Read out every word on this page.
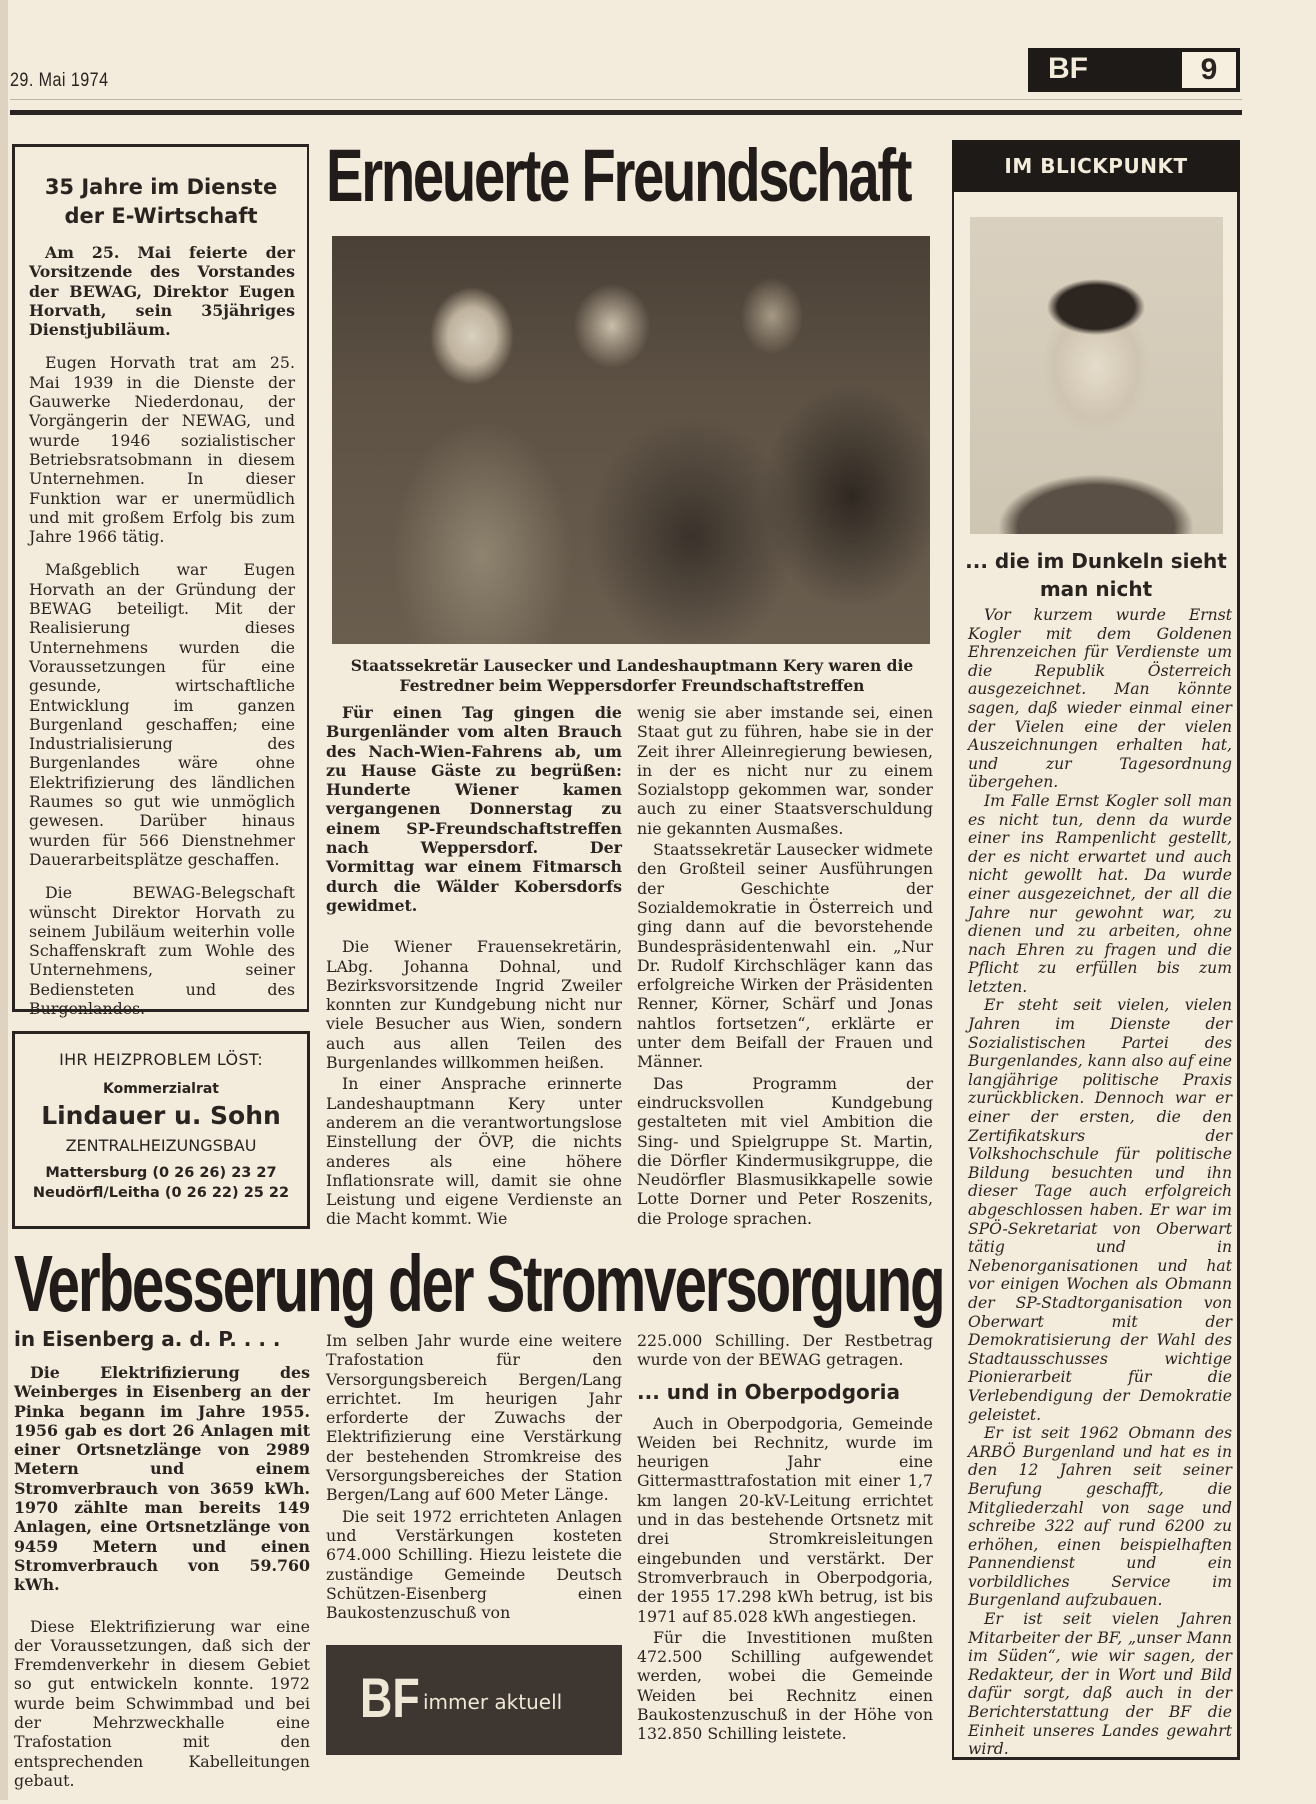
29. Mai 1974	BF	9
35 Jahre im Dienste der E-Wirtschaft

Am 25. Mai feierte der Vorsitzende des Vorstandes der BEWAG, Direktor Eugen Horvath, sein 35jähriges Dienstjubiläum.

Eugen Horvath trat am 25. Mai 1939 in die Dienste der Gauwerke Niederdonau, der Vorgängerin der NEWAG, und wurde 1946 sozialistischer Betriebsratsobmann in diesem Unternehmen. In dieser Funktion war er unermüdlich und mit großem Erfolg bis zum Jahre 1966 tätig.

Maßgeblich war Eugen Horvath an der Gründung der BEWAG beteiligt. Mit der Realisierung dieses Unternehmens wurden die Voraussetzungen für eine gesunde, wirtschaftliche Entwicklung im ganzen Burgenland geschaffen; eine Industrialisierung des Burgenlandes wäre ohne Elektrifizierung des ländlichen Raumes so gut wie unmöglich gewesen. Darüber hinaus wurden für 566 Dienstnehmer Dauerarbeitsplätze geschaffen.

Die BEWAG-Belegschaft wünscht Direktor Horvath zu seinem Jubiläum weiterhin volle Schaffenskraft zum Wohle des Unternehmens, seiner Bediensteten und des Burgenlandes.

IHR HEIZPROBLEM LÖST:
Kommerzialrat
Lindauer u. Sohn
ZENTRALHEIZUNGSBAU
Mattersburg (0 26 26) 23 27
Neudörfl/Leitha (0 26 22) 25 22
Erneuerte Freundschaft
Staatssekretär Lausecker und Landeshauptmann Kery waren die Festredner beim Weppersdorfer Freundschaftstreffen

Für einen Tag gingen die Burgenländer vom alten Brauch des Nach-Wien-Fahrens ab, um zu Hause Gäste zu begrüßen: Hunderte Wiener kamen vergangenen Donnerstag zu einem SP-Freundschaftstreffen nach Weppersdorf. Der Vormittag war einem Fitmarsch durch die Wälder Kobersdorfs gewidmet.

Die Wiener Frauensekretärin, LAbg. Johanna Dohnal, und Bezirksvorsitzende Ingrid Zweiler konnten zur Kundgebung nicht nur viele Besucher aus Wien, sondern auch aus allen Teilen des Burgenlandes willkommen heißen.

In einer Ansprache erinnerte Landeshauptmann Kery unter anderem an die verantwortungslose Einstellung der ÖVP, die nichts anderes als eine höhere Inflationsrate will, damit sie ohne Leistung und eigene Verdienste an die Macht kommt. Wie

wenig sie aber imstande sei, einen Staat gut zu führen, habe sie in der Zeit ihrer Alleinregierung bewiesen, in der es nicht nur zu einem Sozialstopp gekommen war, sonder auch zu einer Staatsverschuldung nie gekannten Ausmaßes.

Staatssekretär Lausecker widmete den Großteil seiner Ausführungen der Geschichte der Sozialdemokratie in Österreich und ging dann auf die bevorstehende Bundespräsidentenwahl ein. „Nur Dr. Rudolf Kirchschläger kann das erfolgreiche Wirken der Präsidenten Renner, Körner, Schärf und Jonas nahtlos fortsetzen“, erklärte er unter dem Beifall der Frauen und Männer.

Das Programm der eindrucksvollen Kundgebung gestalteten mit viel Ambition die Sing- und Spielgruppe St. Martin, die Dörfler Kindermusikgruppe, die Neudörfler Blasmusikkapelle sowie Lotte Dorner und Peter Roszenits, die Prologe sprachen.

IM BLICKPUNKT
... die im Dunkeln sieht man nicht

Vor kurzem wurde Ernst Kogler mit dem Goldenen Ehrenzeichen für Verdienste um die Republik Österreich ausgezeichnet. Man könnte sagen, daß wieder einmal einer der Vielen eine der vielen Auszeichnungen erhalten hat, und zur Tagesordnung übergehen.

Im Falle Ernst Kogler soll man es nicht tun, denn da wurde einer ins Rampenlicht gestellt, der es nicht erwartet und auch nicht gewollt hat. Da wurde einer ausgezeichnet, der all die Jahre nur gewohnt war, zu dienen und zu arbeiten, ohne nach Ehren zu fragen und die Pflicht zu erfüllen bis zum letzten.

Er steht seit vielen, vielen Jahren im Dienste der Sozialistischen Partei des Burgenlandes, kann also auf eine langjährige politische Praxis zurückblicken. Dennoch war er einer der ersten, die den Zertifikatskurs der Volkshochschule für politische Bildung besuchten und ihn dieser Tage auch erfolgreich abgeschlossen haben. Er war im SPÖ-Sekretariat von Oberwart tätig und in Nebenorganisationen und hat vor einigen Wochen als Obmann der SP-Stadtorganisation von Oberwart mit der Demokratisierung der Wahl des Stadtausschusses wichtige Pionierarbeit für die Verlebendigung der Demokratie geleistet.

Er ist seit 1962 Obmann des ARBÖ Burgenland und hat es in den 12 Jahren seit seiner Berufung geschafft, die Mitgliederzahl von sage und schreibe 322 auf rund 6200 zu erhöhen, einen beispielhaften Pannendienst und ein vorbildliches Service im Burgenland aufzubauen.

Er ist seit vielen Jahren Mitarbeiter der BF, „unser Mann im Süden“, wie wir sagen, der Redakteur, der in Wort und Bild dafür sorgt, daß auch in der Berichterstattung der BF die Einheit unseres Landes gewahrt wird.

Verbesserung der Stromversorgung
in Eisenberg a. d. P. . . .

Die Elektrifizierung des Weinberges in Eisenberg an der Pinka begann im Jahre 1955. 1956 gab es dort 26 Anlagen mit einer Ortsnetzlänge von 2989 Metern und einem Stromverbrauch von 3659 kWh. 1970 zählte man bereits 149 Anlagen, eine Ortsnetzlänge von 9459 Metern und einen Stromverbrauch von 59.760 kWh.

Diese Elektrifizierung war eine der Voraussetzungen, daß sich der Fremdenverkehr in diesem Gebiet so gut entwickeln konnte. 1972 wurde beim Schwimmbad und bei der Mehrzweckhalle eine Trafostation mit den entsprechenden Kabelleitungen gebaut.

Im selben Jahr wurde eine weitere Trafostation für den Versorgungsbereich Bergen/Lang errichtet. Im heurigen Jahr erforderte der Zuwachs der Elektrifizierung eine Verstärkung der bestehenden Stromkreise des Versorgungsbereiches der Station Bergen/Lang auf 600 Meter Länge.

Die seit 1972 errichteten Anlagen und Verstärkungen kosteten 674.000 Schilling. Hiezu leistete die zuständige Gemeinde Deutsch Schützen-Eisenberg einen Baukostenzuschuß von

BF immer aktuell

225.000 Schilling. Der Restbetrag wurde von der BEWAG getragen.

... und in Oberpodgoria

Auch in Oberpodgoria, Gemeinde Weiden bei Rechnitz, wurde im heurigen Jahr eine Gittermasttrafostation mit einer 1,7 km langen 20-kV-Leitung errichtet und in das bestehende Ortsnetz mit drei Stromkreisleitungen eingebunden und verstärkt. Der Stromverbrauch in Oberpodgoria, der 1955 17.298 kWh betrug, ist bis 1971 auf 85.028 kWh angestiegen.

Für die Investitionen mußten 472.500 Schilling aufgewendet werden, wobei die Gemeinde Weiden bei Rechnitz einen Baukostenzuschuß in der Höhe von 132.850 Schilling leistete.
